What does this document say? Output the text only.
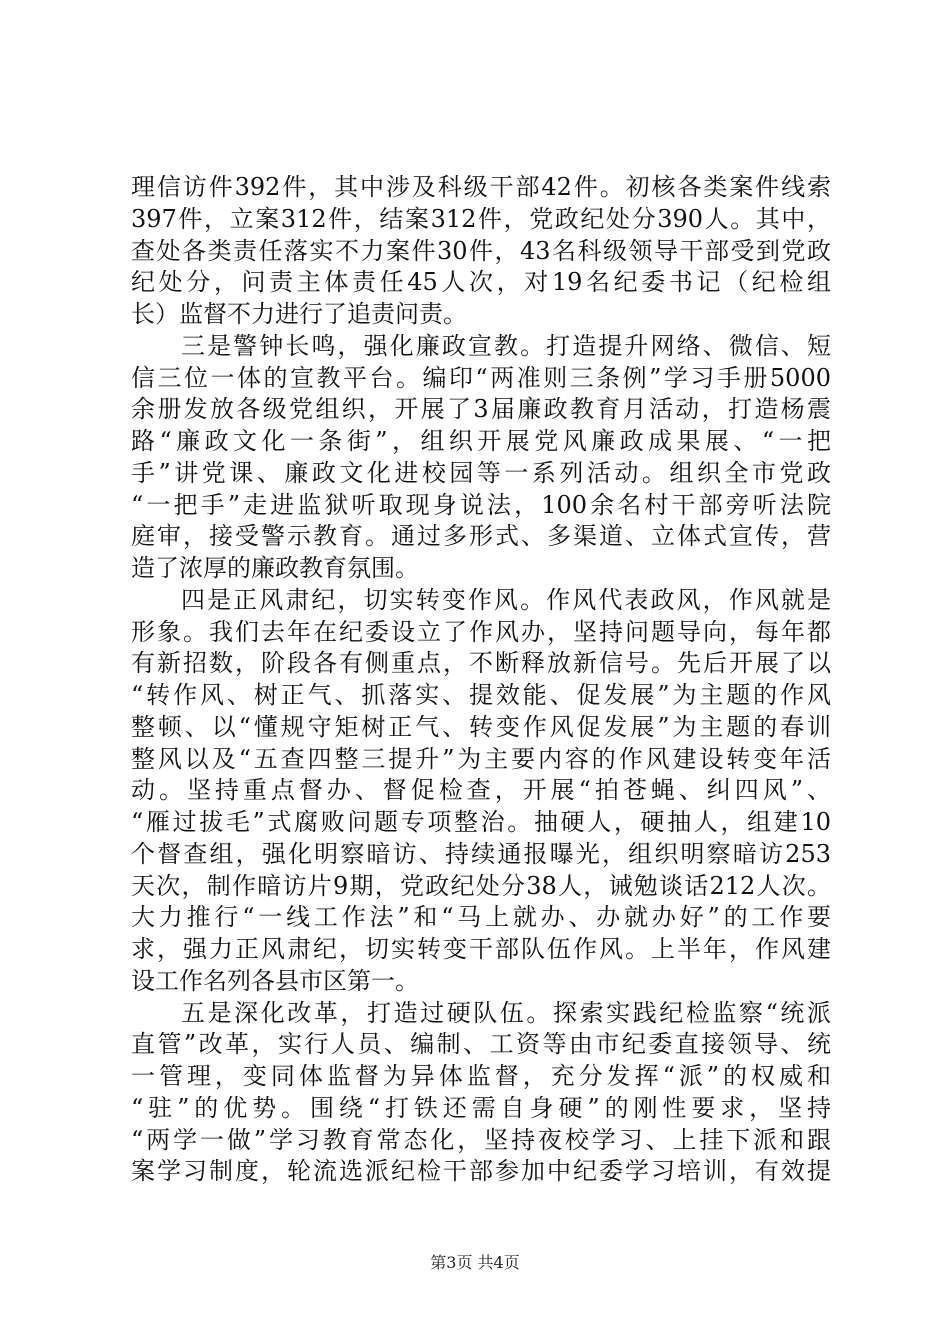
理信访件392件，其中涉及科级干部42件。初核各类案件线索
397件，立案312件，结案312件，党政纪处分390人。其中，
查处各类责任落实不力案件30件，43名科级领导干部受到党政
纪处分，问责主体责任45人次，对19名纪委书记（纪检组
长）监督不力进行了追责问责。
三是警钟长鸣，强化廉政宣教。打造提升网络、微信、短
信三位一体的宣教平台。编印“两准则三条例”学习手册5000
余册发放各级党组织，开展了3届廉政教育月活动，打造杨震
路“廉政文化一条街”，组织开展党风廉政成果展、“一把
手”讲党课、廉政文化进校园等一系列活动。组织全市党政
“一把手”走进监狱听取现身说法，100余名村干部旁听法院
庭审，接受警示教育。通过多形式、多渠道、立体式宣传，营
造了浓厚的廉政教育氛围。
四是正风肃纪，切实转变作风。作风代表政风，作风就是
形象。我们去年在纪委设立了作风办，坚持问题导向，每年都
有新招数，阶段各有侧重点，不断释放新信号。先后开展了以
“转作风、树正气、抓落实、提效能、促发展”为主题的作风
整顿、以“懂规守矩树正气、转变作风促发展”为主题的春训
整风以及“五查四整三提升”为主要内容的作风建设转变年活
动。坚持重点督办、督促检查，开展“拍苍蝇、纠四风”、
“雁过拔毛”式腐败问题专项整治。抽硬人，硬抽人，组建10
个督查组，强化明察暗访、持续通报曝光，组织明察暗访253
天次，制作暗访片9期，党政纪处分38人，诫勉谈话212人次。
大力推行“一线工作法”和“马上就办、办就办好”的工作要
求，强力正风肃纪，切实转变干部队伍作风。上半年，作风建
设工作名列各县市区第一。
五是深化改革，打造过硬队伍。探索实践纪检监察“统派
直管”改革，实行人员、编制、工资等由市纪委直接领导、统
一管理，变同体监督为异体监督，充分发挥“派”的权威和
“驻”的优势。围绕“打铁还需自身硬”的刚性要求，坚持
“两学一做”学习教育常态化，坚持夜校学习、上挂下派和跟
案学习制度，轮流选派纪检干部参加中纪委学习培训，有效提
第3页 共4页
